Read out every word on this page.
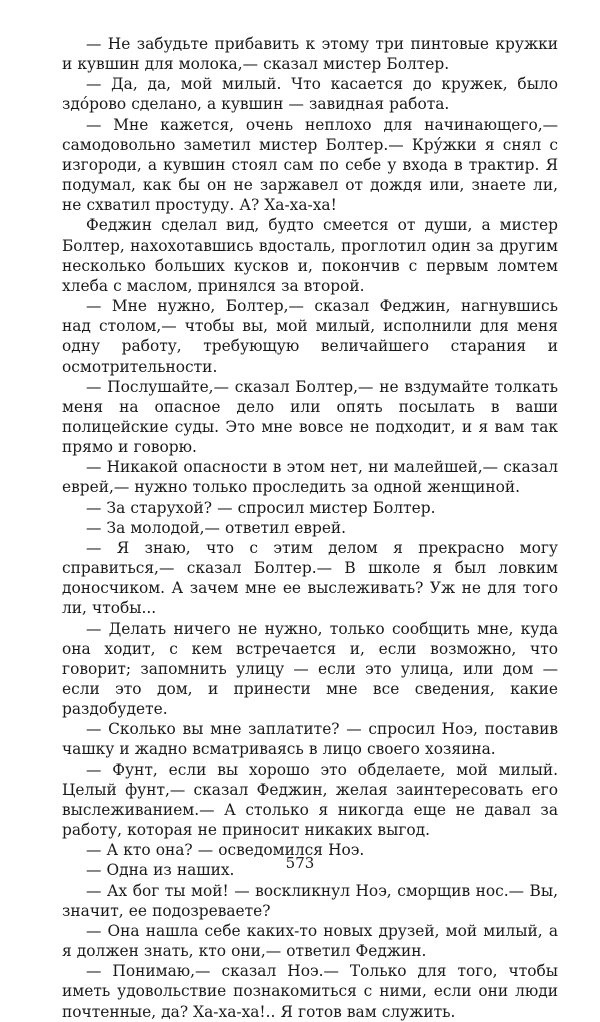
— Не забудьте прибавить к этому три пинтовые кружки и кувшин для молока,— сказал мистер Болтер.

— Да, да, мой милый. Что касается до кружек, было здо́рово сделано, а кувшин — завидная работа.

— Мне кажется, очень неплохо для начинающего,— самодовольно заметил мистер Болтер.— Кру́жки я снял с изгороди, а кувшин стоял сам по себе у входа в трактир. Я подумал, как бы он не заржавел от дождя или, знаете ли, не схватил простуду. А? Ха-ха-ха!

Феджин сделал вид, будто смеется от души, а мистер Болтер, нахохотавшись вдосталь, проглотил один за другим несколько больших кусков и, покончив с первым ломтем хлеба с маслом, принялся за второй.

— Мне нужно, Болтер,— сказал Феджин, нагнувшись над столом,— чтобы вы, мой милый, исполнили для меня одну работу, требующую величайшего старания и осмотрительности.

— Послушайте,— сказал Болтер,— не вздумайте толкать меня на опасное дело или опять посылать в ваши полицейские суды. Это мне вовсе не подходит, и я вам так прямо и говорю.

— Никакой опасности в этом нет, ни малейшей,— сказал еврей,— нужно только проследить за одной женщиной.

— За старухой? — спросил мистер Болтер.

— За молодой,— ответил еврей.

— Я знаю, что с этим делом я прекрасно могу справиться,— сказал Болтер.— В школе я был ловким доносчиком. А зачем мне ее выслеживать? Уж не для того ли, чтобы...

— Делать ничего не нужно, только сообщить мне, куда она ходит, с кем встречается и, если возможно, что говорит; запомнить улицу — если это улица, или дом — если это дом, и принести мне все сведения, какие раздобудете.

— Сколько вы мне заплатите? — спросил Ноэ, поставив чашку и жадно всматриваясь в лицо своего хозяина.

— Фунт, если вы хорошо это обделаете, мой милый. Целый фунт,— сказал Феджин, желая заинтересовать его выслеживанием.— А столько я никогда еще не давал за работу, которая не приносит никаких выгод.

— А кто она? — осведомился Ноэ.

— Одна из наших.

— Ах бог ты мой! — воскликнул Ноэ, сморщив нос.— Вы, значит, ее подозреваете?

— Она нашла себе каких-то новых друзей, мой милый, а я должен знать, кто они,— ответил Феджин.

— Понимаю,— сказал Ноэ.— Только для того, чтобы иметь удовольствие познакомиться с ними, если они люди почтенные, да? Ха-ха-ха!.. Я готов вам служить.

573
